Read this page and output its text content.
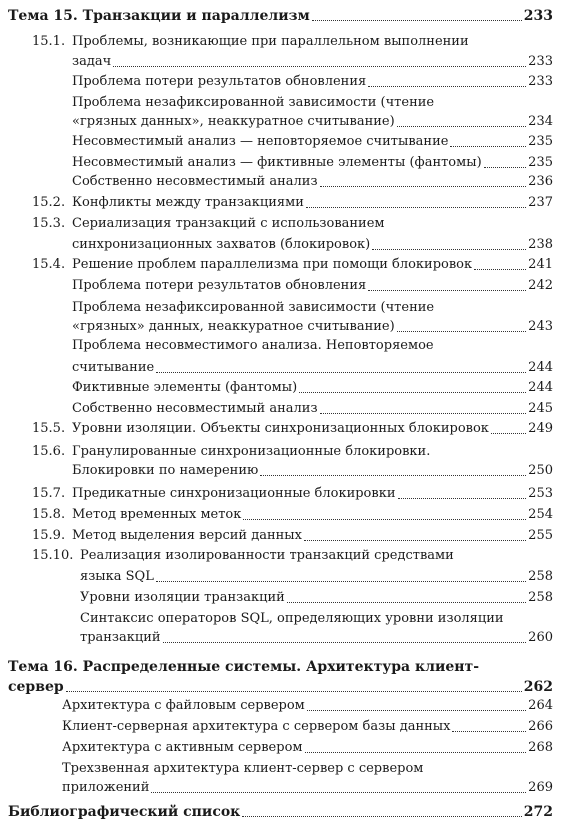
Тема 15. Транзакции и параллелизм	233
15.1. Проблемы, возникающие при параллельном выполнении
задач	233
Проблема потери результатов обновления	233
Проблема незафиксированной зависимости (чтение
«грязных данных», неаккуратное считывание)	234
Несовместимый анализ — неповторяемое считывание	235
Несовместимый анализ — фиктивные элементы (фантомы)	235
Собственно несовместимый анализ	236
15.2. Конфликты между транзакциями	237
15.3. Сериализация транзакций с использованием
синхронизационных захватов (блокировок)	238
15.4. Решение проблем параллелизма при помощи блокировок	241
Проблема потери результатов обновления	242
Проблема незафиксированной зависимости (чтение
«грязных» данных, неаккуратное считывание)	243
Проблема несовместимого анализа. Неповторяемое
считывание	244
Фиктивные элементы (фантомы)	244
Собственно несовместимый анализ	245
15.5. Уровни изоляции. Объекты синхронизационных блокировок	249
15.6. Гранулированные синхронизационные блокировки.
Блокировки по намерению	250
15.7. Предикатные синхронизационные блокировки	253
15.8. Метод временных меток	254
15.9. Метод выделения версий данных	255
15.10. Реализация изолированности транзакций средствами
языка SQL	258
Уровни изоляции транзакций	258
Синтаксис операторов SQL, определяющих уровни изоляции
транзакций	260
Тема 16. Распределенные системы. Архитектура клиент-
сервер	262
Архитектура с файловым сервером	264
Клиент-серверная архитектура с сервером базы данных	266
Архитектура с активным сервером	268
Трехзвенная архитектура клиент-сервер с сервером
приложений	269
Библиографический список	272
